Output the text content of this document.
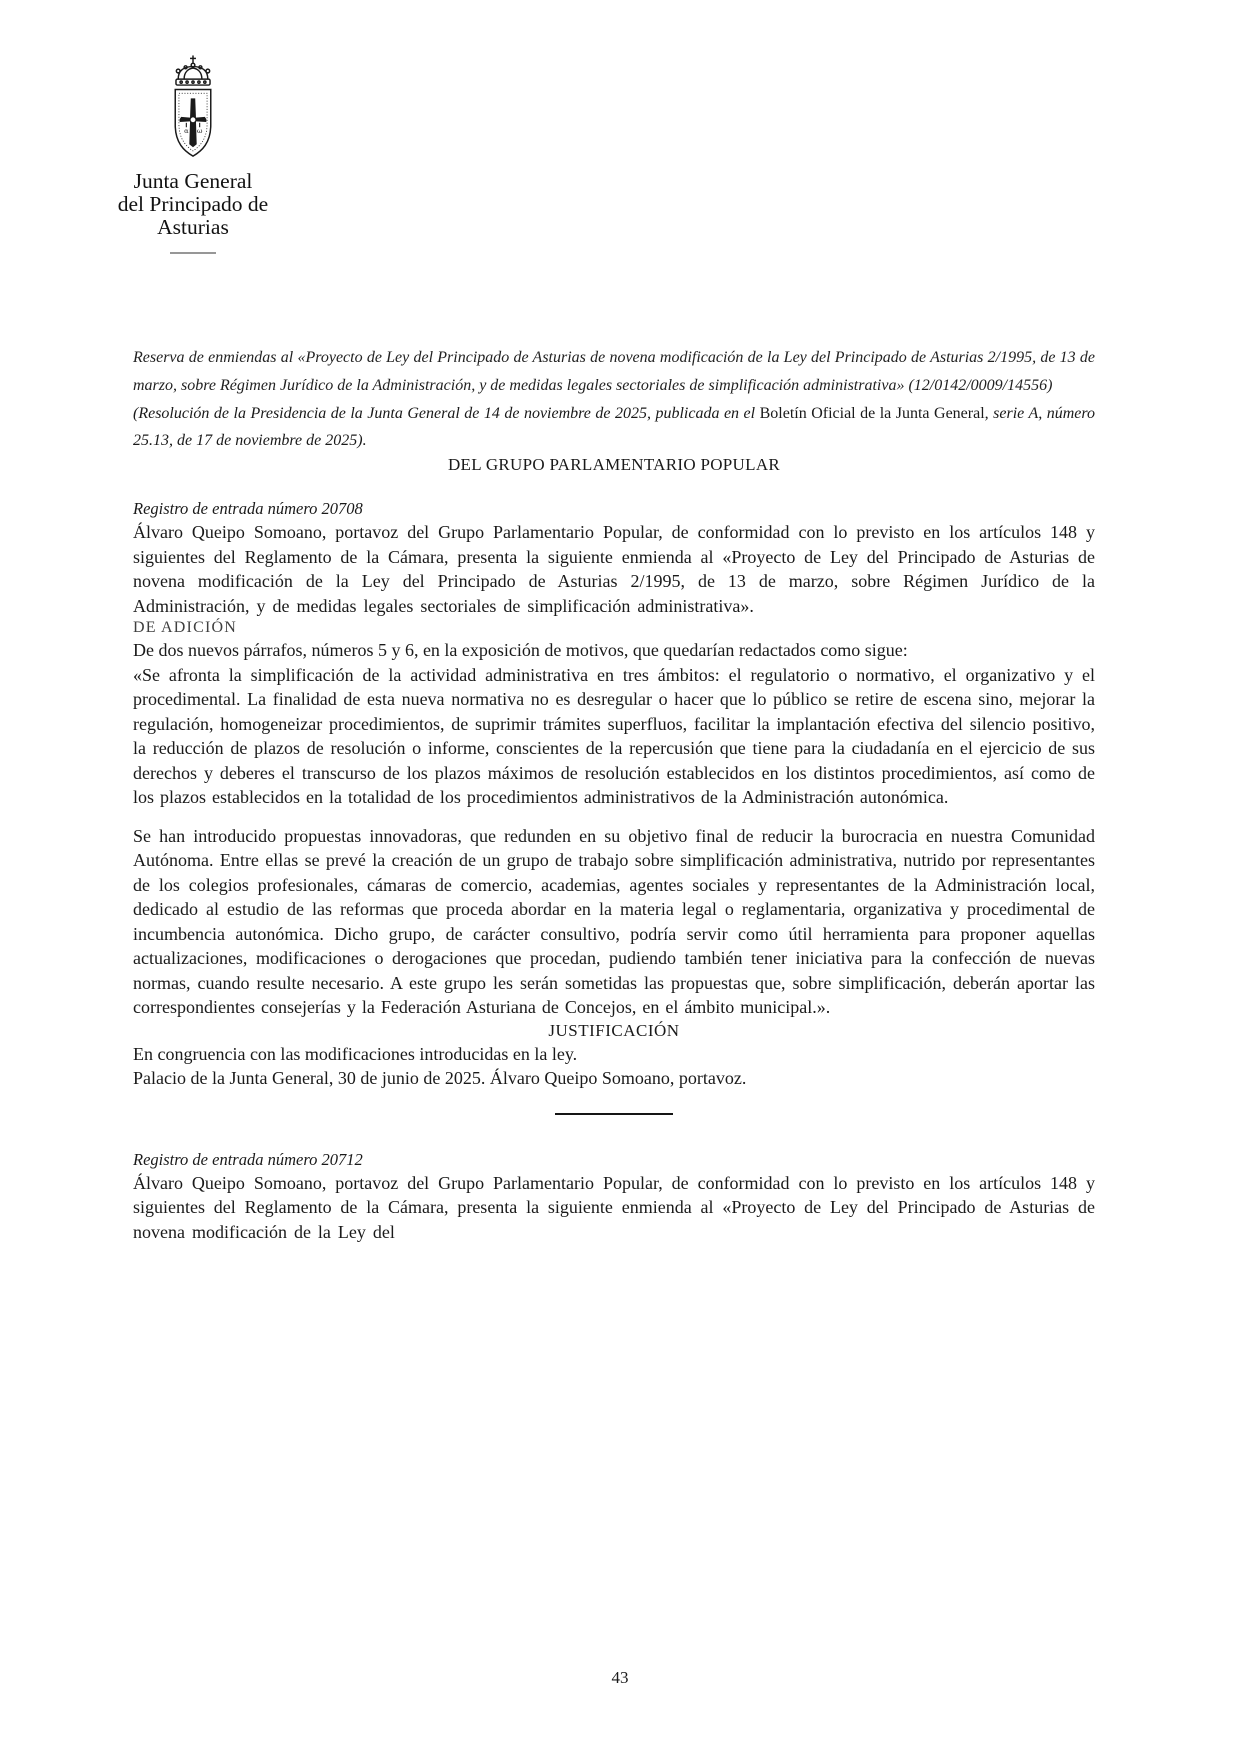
α ω
Junta General
del Principado de Asturias

Reserva de enmiendas al «Proyecto de Ley del Principado de Asturias de novena modificación de la Ley del Principado de Asturias 2/1995, de 13 de marzo, sobre Régimen Jurídico de la Administración, y de medidas legales sectoriales de simplificación administrativa» (12/0142/0009/14556)

(Resolución de la Presidencia de la Junta General de 14 de noviembre de 2025, publicada en el Boletín Oficial de la Junta General, serie A, número 25.13, de 17 de noviembre de 2025).

DEL GRUPO PARLAMENTARIO POPULAR

Registro de entrada número 20708

Álvaro Queipo Somoano, portavoz del Grupo Parlamentario Popular, de conformidad con lo previsto en los artículos 148 y siguientes del Reglamento de la Cámara, presenta la siguiente enmienda al «Proyecto de Ley del Principado de Asturias de novena modificación de la Ley del Principado de Asturias 2/1995, de 13 de marzo, sobre Régimen Jurídico de la Administración, y de medidas legales sectoriales de simplificación administrativa».

DE ADICIÓN

De dos nuevos párrafos, números 5 y 6, en la exposición de motivos, que quedarían redactados como sigue:

«Se afronta la simplificación de la actividad administrativa en tres ámbitos: el regulatorio o normativo, el organizativo y el procedimental. La finalidad de esta nueva normativa no es desregular o hacer que lo público se retire de escena sino, mejorar la regulación, homogeneizar procedimientos, de suprimir trámites superfluos, facilitar la implantación efectiva del silencio positivo, la reducción de plazos de resolución o informe, conscientes de la repercusión que tiene para la ciudadanía en el ejercicio de sus derechos y deberes el transcurso de los plazos máximos de resolución establecidos en los distintos procedimientos, así como de los plazos establecidos en la totalidad de los procedimientos administrativos de la Administración autonómica.

Se han introducido propuestas innovadoras, que redunden en su objetivo final de reducir la burocracia en nuestra Comunidad Autónoma. Entre ellas se prevé la creación de un grupo de trabajo sobre simplificación administrativa, nutrido por representantes de los colegios profesionales, cámaras de comercio, academias, agentes sociales y representantes de la Administración local, dedicado al estudio de las reformas que proceda abordar en la materia legal o reglamentaria, organizativa y procedimental de incumbencia autonómica. Dicho grupo, de carácter consultivo, podría servir como útil herramienta para proponer aquellas actualizaciones, modificaciones o derogaciones que procedan, pudiendo también tener iniciativa para la confección de nuevas normas, cuando resulte necesario. A este grupo les serán sometidas las propuestas que, sobre simplificación, deberán aportar las correspondientes consejerías y la Federación Asturiana de Concejos, en el ámbito municipal.».

JUSTIFICACIÓN

En congruencia con las modificaciones introducidas en la ley.

Palacio de la Junta General, 30 de junio de 2025. Álvaro Queipo Somoano, portavoz.

Registro de entrada número 20712

Álvaro Queipo Somoano, portavoz del Grupo Parlamentario Popular, de conformidad con lo previsto en los artículos 148 y siguientes del Reglamento de la Cámara, presenta la siguiente enmienda al «Proyecto de Ley del Principado de Asturias de novena modificación de la Ley del

43
